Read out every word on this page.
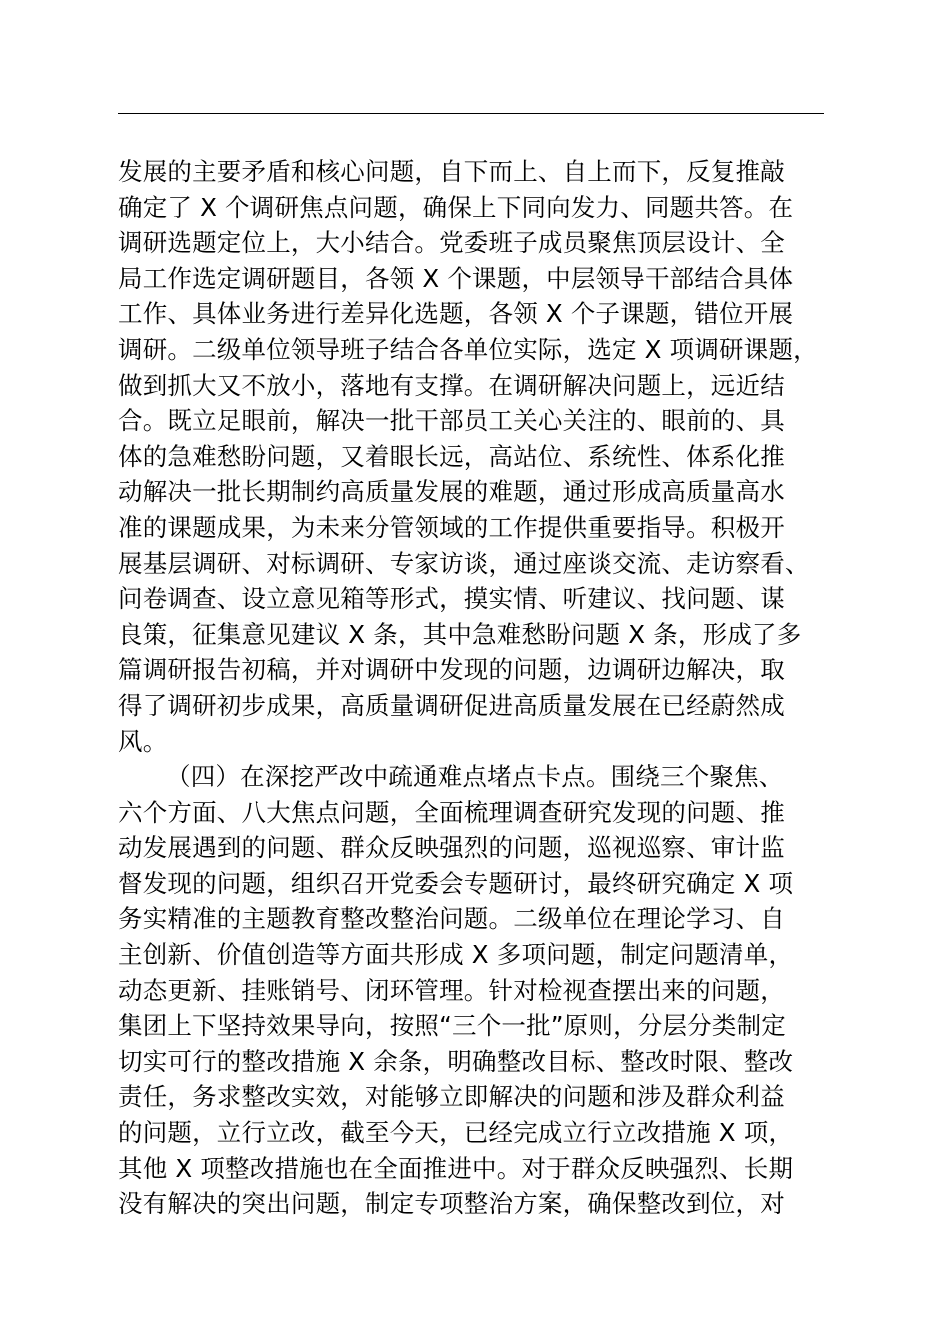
发展的主要矛盾和核心问题，自下而上、自上而下，反复推敲
确定了 X 个调研焦点问题，确保上下同向发力、同题共答。在
调研选题定位上，大小结合。党委班子成员聚焦顶层设计、全
局工作选定调研题目，各领 X 个课题，中层领导干部结合具体
工作、具体业务进行差异化选题，各领 X 个子课题，错位开展
调研。二级单位领导班子结合各单位实际，选定 X 项调研课题，
做到抓大又不放小，落地有支撑。在调研解决问题上，远近结
合。既立足眼前，解决一批干部员工关心关注的、眼前的、具
体的急难愁盼问题，又着眼长远，高站位、系统性、体系化推
动解决一批长期制约高质量发展的难题，通过形成高质量高水
准的课题成果，为未来分管领域的工作提供重要指导。积极开
展基层调研、对标调研、专家访谈，通过座谈交流、走访察看、
问卷调查、设立意见箱等形式，摸实情、听建议、找问题、谋
良策，征集意见建议 X 条，其中急难愁盼问题 X 条，形成了多
篇调研报告初稿，并对调研中发现的问题，边调研边解决，取
得了调研初步成果，高质量调研促进高质量发展在已经蔚然成
风。
（四）在深挖严改中疏通难点堵点卡点。围绕三个聚焦、
六个方面、八大焦点问题，全面梳理调查研究发现的问题、推
动发展遇到的问题、群众反映强烈的问题，巡视巡察、审计监
督发现的问题，组织召开党委会专题研讨，最终研究确定 X 项
务实精准的主题教育整改整治问题。二级单位在理论学习、自
主创新、价值创造等方面共形成 X 多项问题，制定问题清单，
动态更新、挂账销号、闭环管理。针对检视查摆出来的问题，
集团上下坚持效果导向，按照“三个一批”原则，分层分类制定
切实可行的整改措施 X 余条，明确整改目标、整改时限、整改
责任，务求整改实效，对能够立即解决的问题和涉及群众利益
的问题，立行立改，截至今天，已经完成立行立改措施 X 项，
其他 X 项整改措施也在全面推进中。对于群众反映强烈、长期
没有解决的突出问题，制定专项整治方案，确保整改到位，对
